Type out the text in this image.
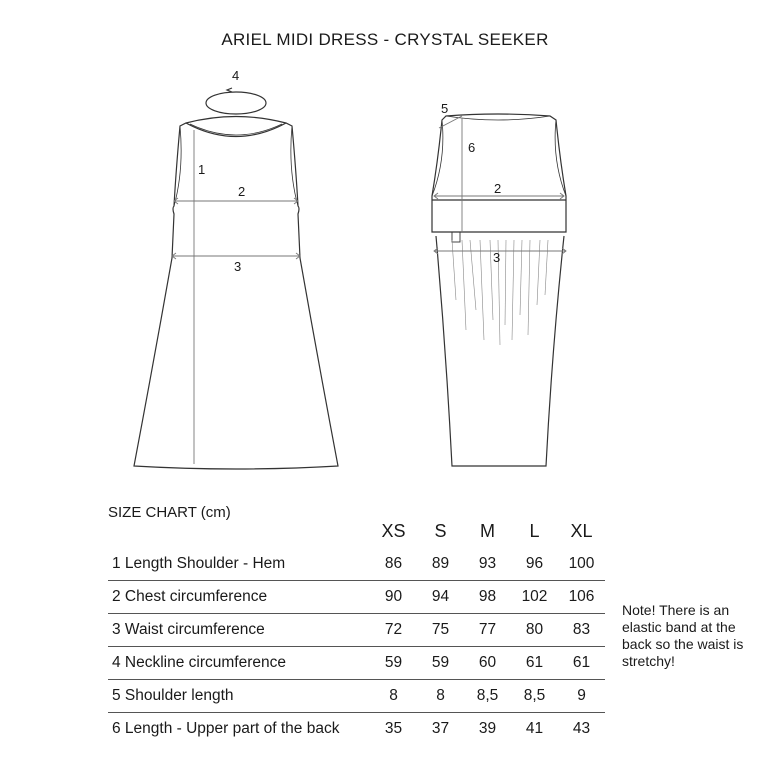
ARIEL MIDI DRESS - CRYSTAL SEEKER
4
1
2
3
5
6
2
3
SIZE CHART (cm)
	XS	S	M	L	XL
1 Length Shoulder - Hem	86	89	93	96	100
2 Chest circumference	90	94	98	102	106
3 Waist circumference	72	75	77	80	83
4 Neckline circumference	59	59	60	61	61
5 Shoulder length	8	8	8,5	8,5	9
6 Length - Upper part of the back	35	37	39	41	43
Note! There is an elastic band at the back so the waist is stretchy!
